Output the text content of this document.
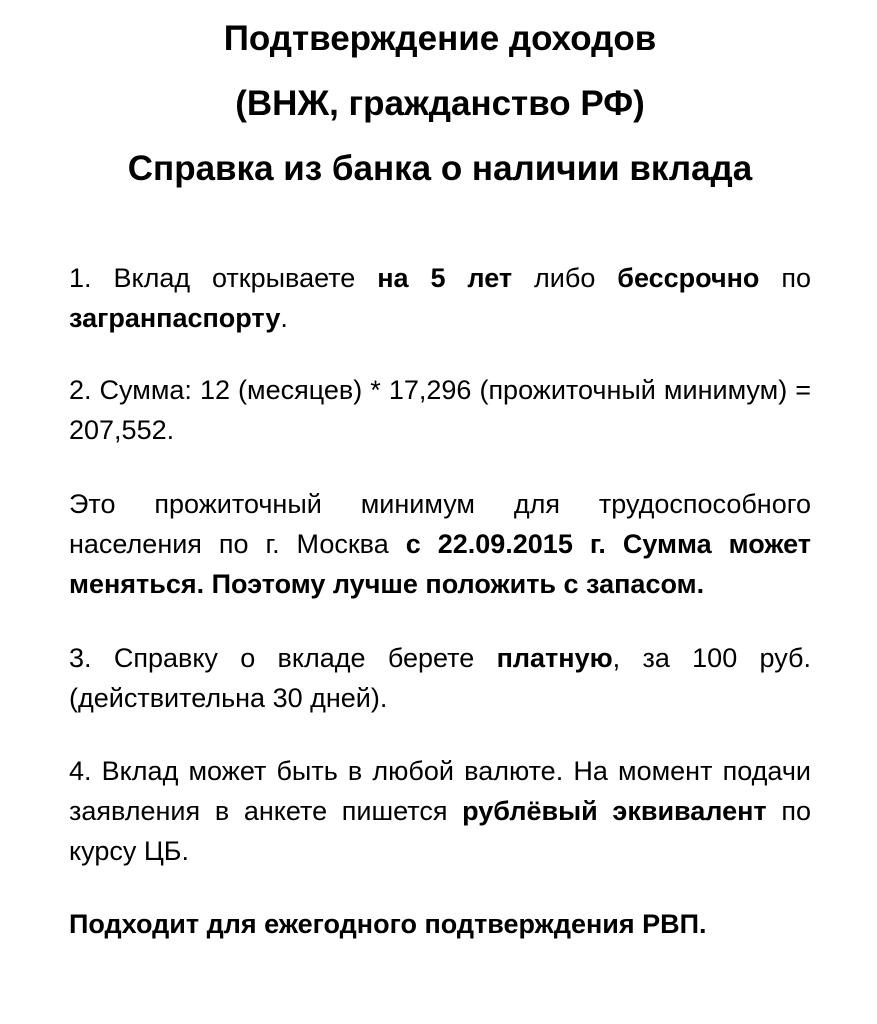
Подтверждение доходов
(ВНЖ, гражданство РФ)
Справка из банка о наличии вклада

1. Вклад открываете на 5 лет либо бессрочно по загранпаспорту.

2. Сумма: 12 (месяцев) * 17,296 (прожиточный минимум) = 207,552.

Это прожиточный минимум для трудоспособного населения по г. Москва с 22.09.2015 г. Сумма может меняться. Поэтому лучше положить с запасом.

3. Справку о вкладе берете платную, за 100 руб. (действительна 30 дней).

4. Вклад может быть в любой валюте. На момент подачи заявления в анкете пишется рублёвый эквивалент по курсу ЦБ.

Подходит для ежегодного подтверждения РВП.
